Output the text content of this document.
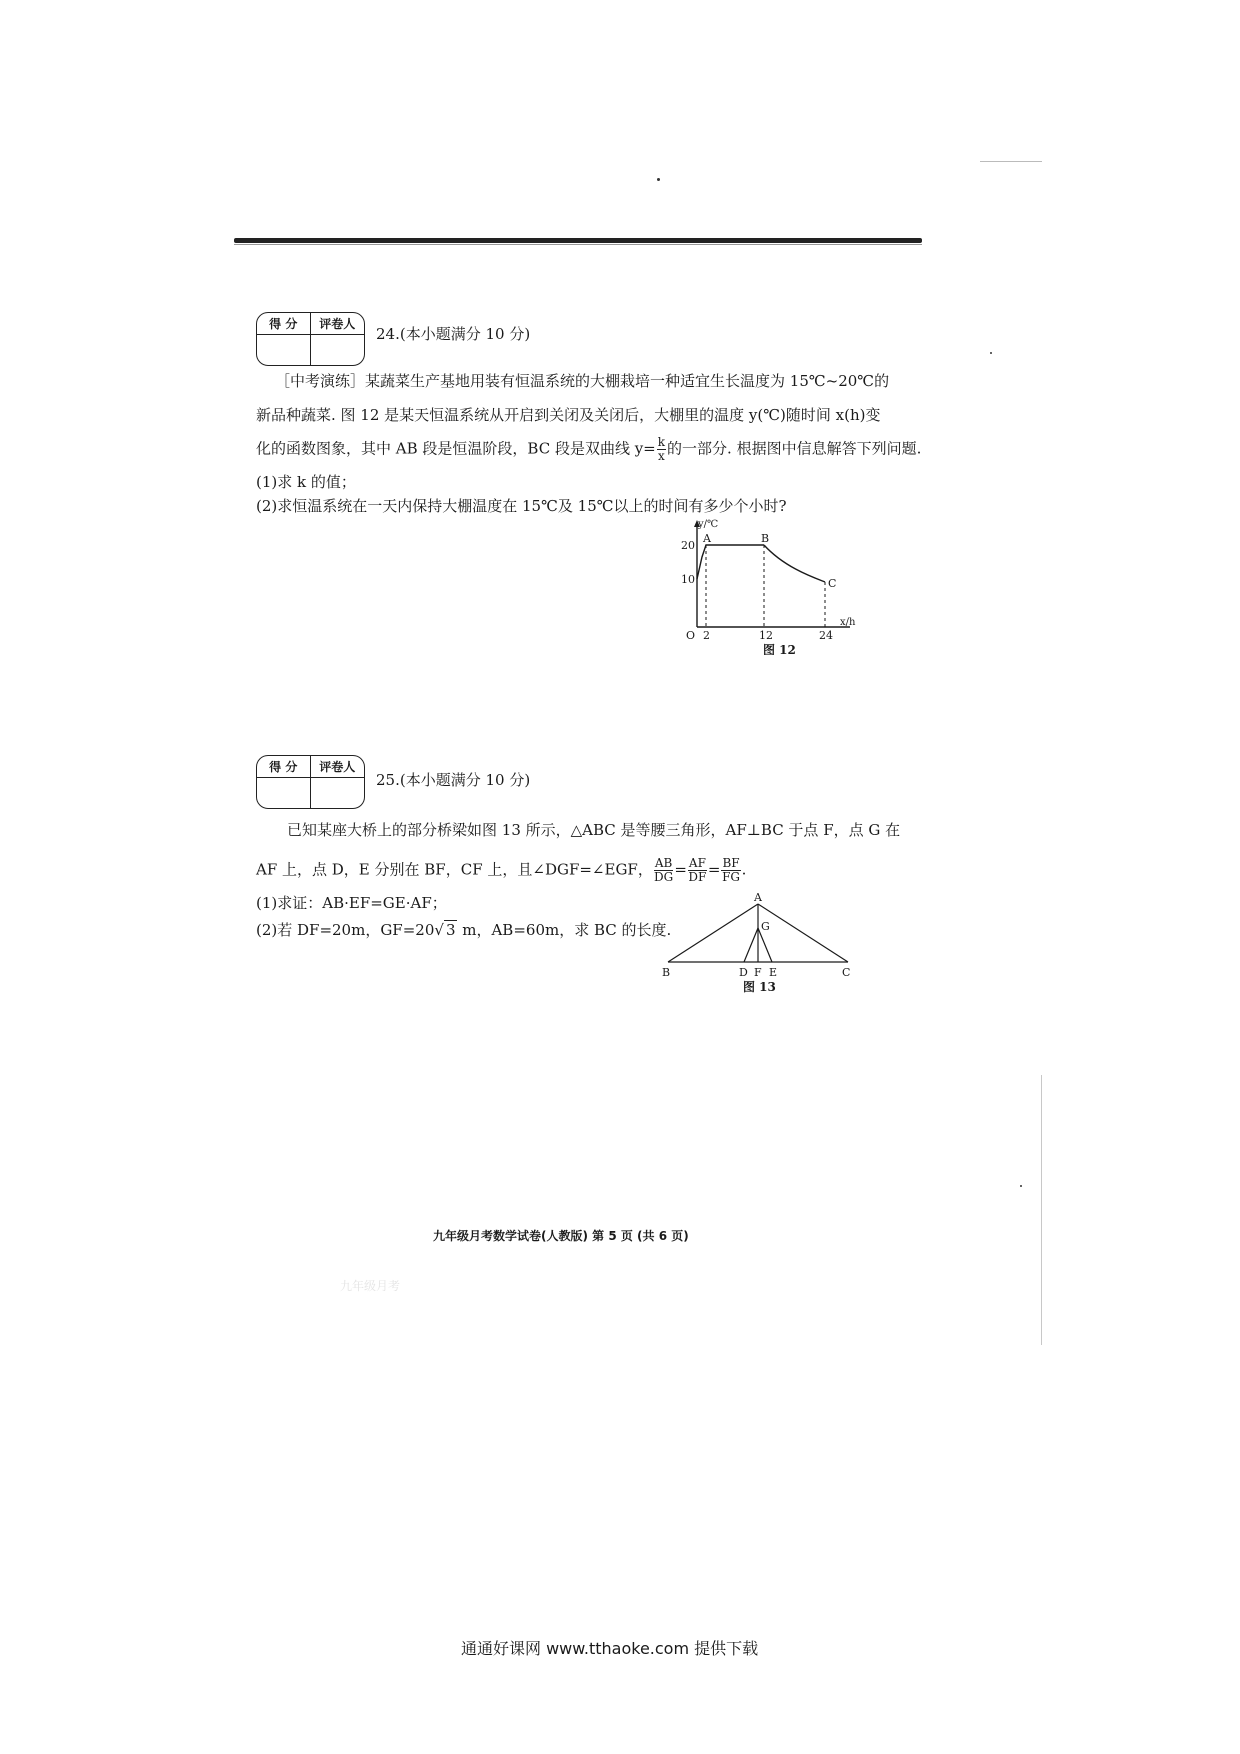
得 分	评卷人
24.(本小题满分 10 分)
［中考演练］某蔬菜生产基地用装有恒温系统的大棚栽培一种适宜生长温度为 15℃~20℃的
新品种蔬菜. 图 12 是某天恒温系统从开启到关闭及关闭后，大棚里的温度 y(℃)随时间 x(h)变
化的函数图象，其中 AB 段是恒温阶段，BC 段是双曲线 $y= \frac{k}{x}$ 的一部分. 根据图中信息解答下列问题.
(1)求 k 的值；
(2)求恒温系统在一天内保持大棚温度在 15℃及 15℃以上的时间有多少个小时?
y/℃
x/h
20
10
O 2	12	24
A	B
C
图 12
得 分	评卷人
25.(本小题满分 10 分)
已知某座大桥上的部分桥梁如图 13 所示，△ABC 是等腰三角形，AF⊥BC 于点 F，点 G 在
AF 上，点 D，E 分别在 BF，CF 上，且∠DGF=∠EGF， $\frac{AB}{DG} = \frac{AF}{DF} = \frac{BF}{FG}$ .
(1)求证：AB·EF=GE·AF；
(2)若 DF=20m，GF=20√ 3 m，AB=60m，求 BC 的长度.
A
G
B	C
D F E
图 13
九年级月考数学试卷(人教版) 第 5 页 (共 6 页)
九年级月考
通通好课网 www.tthaoke.com 提供下载
